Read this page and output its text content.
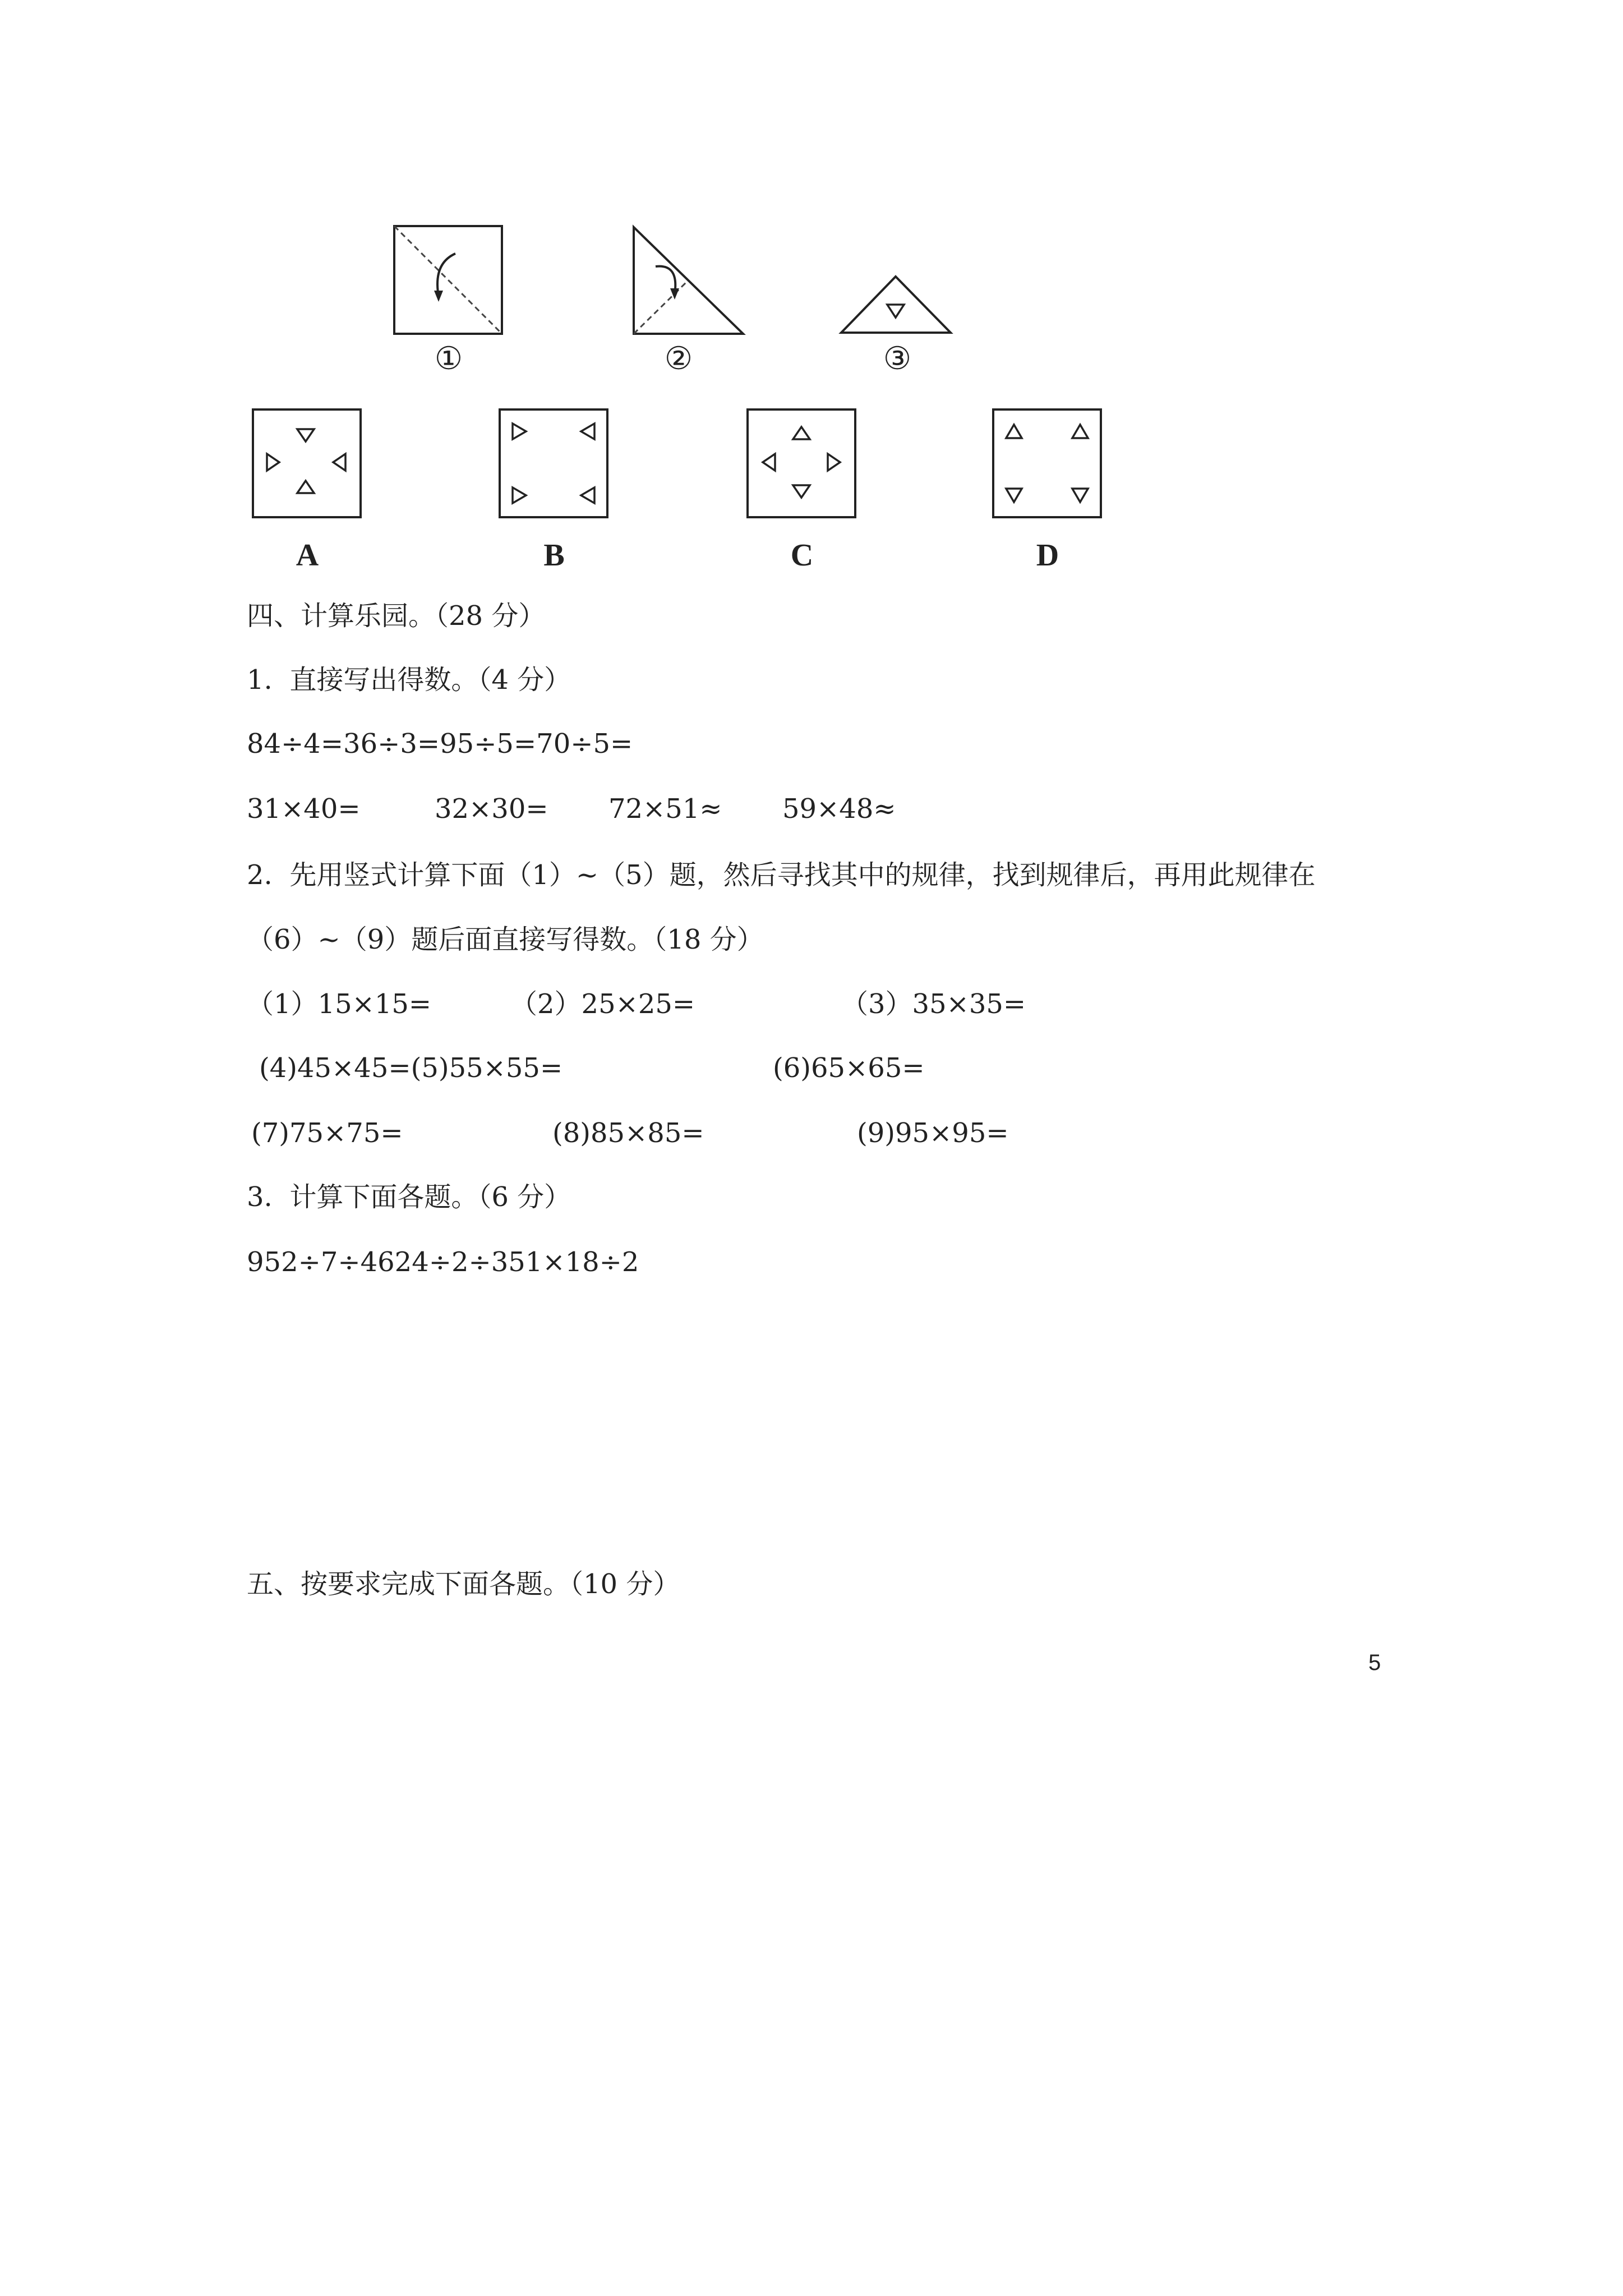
①	②	③
A	B	C	D
四、计算乐园。（28 分）
1.  直接写出得数。（4 分）
84÷4=36÷3=95÷5=70÷5=
31×40=	32×30= 72×51≈ 59×48≈
2.  先用竖式计算下面（1）~（5）题，然后寻找其中的规律，找到规律后，再用此规律在
（6）~（9）题后面直接写得数。（18 分）
（1）15×15=	（2）25×25=	（3）35×35=
(4)45×45=(5)55×55=	(6)65×65=
(7)75×75=	(8)85×85=	(9)95×95=
3.  计算下面各题。（6 分）
952÷7÷4624÷2÷351×18÷2
五、按要求完成下面各题。（10 分）
5
